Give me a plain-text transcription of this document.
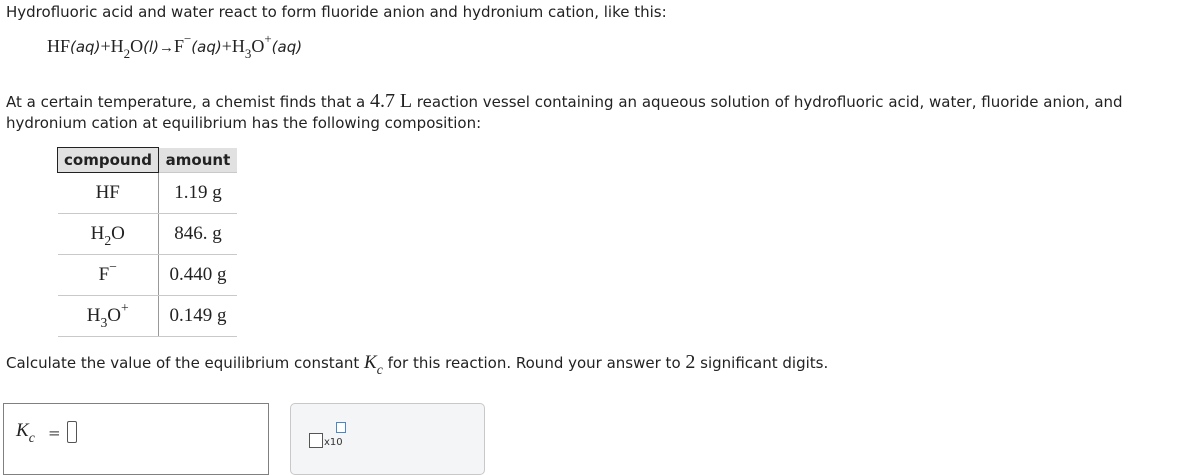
Hydrofluoric acid and water react to form fluoride anion and hydronium cation, like this:
$HF(aq)+H_2O(l)\to F^-(aq)+H_3O^+(aq)$
At a certain temperature, a chemist finds that a 4.7 L reaction vessel containing an aqueous solution of hydrofluoric acid, water, fluoride anion, and hydronium cation at equilibrium has the following composition:
compound	amount
HF	1.19 g
$H_2O$	846. g
F−	0.440 g
$H_3O^+$	0.149 g
Calculate the value of the equilibrium constant $K_c$ for this reaction. Round your answer to 2 significant digits.
$K_c$ =
x10
